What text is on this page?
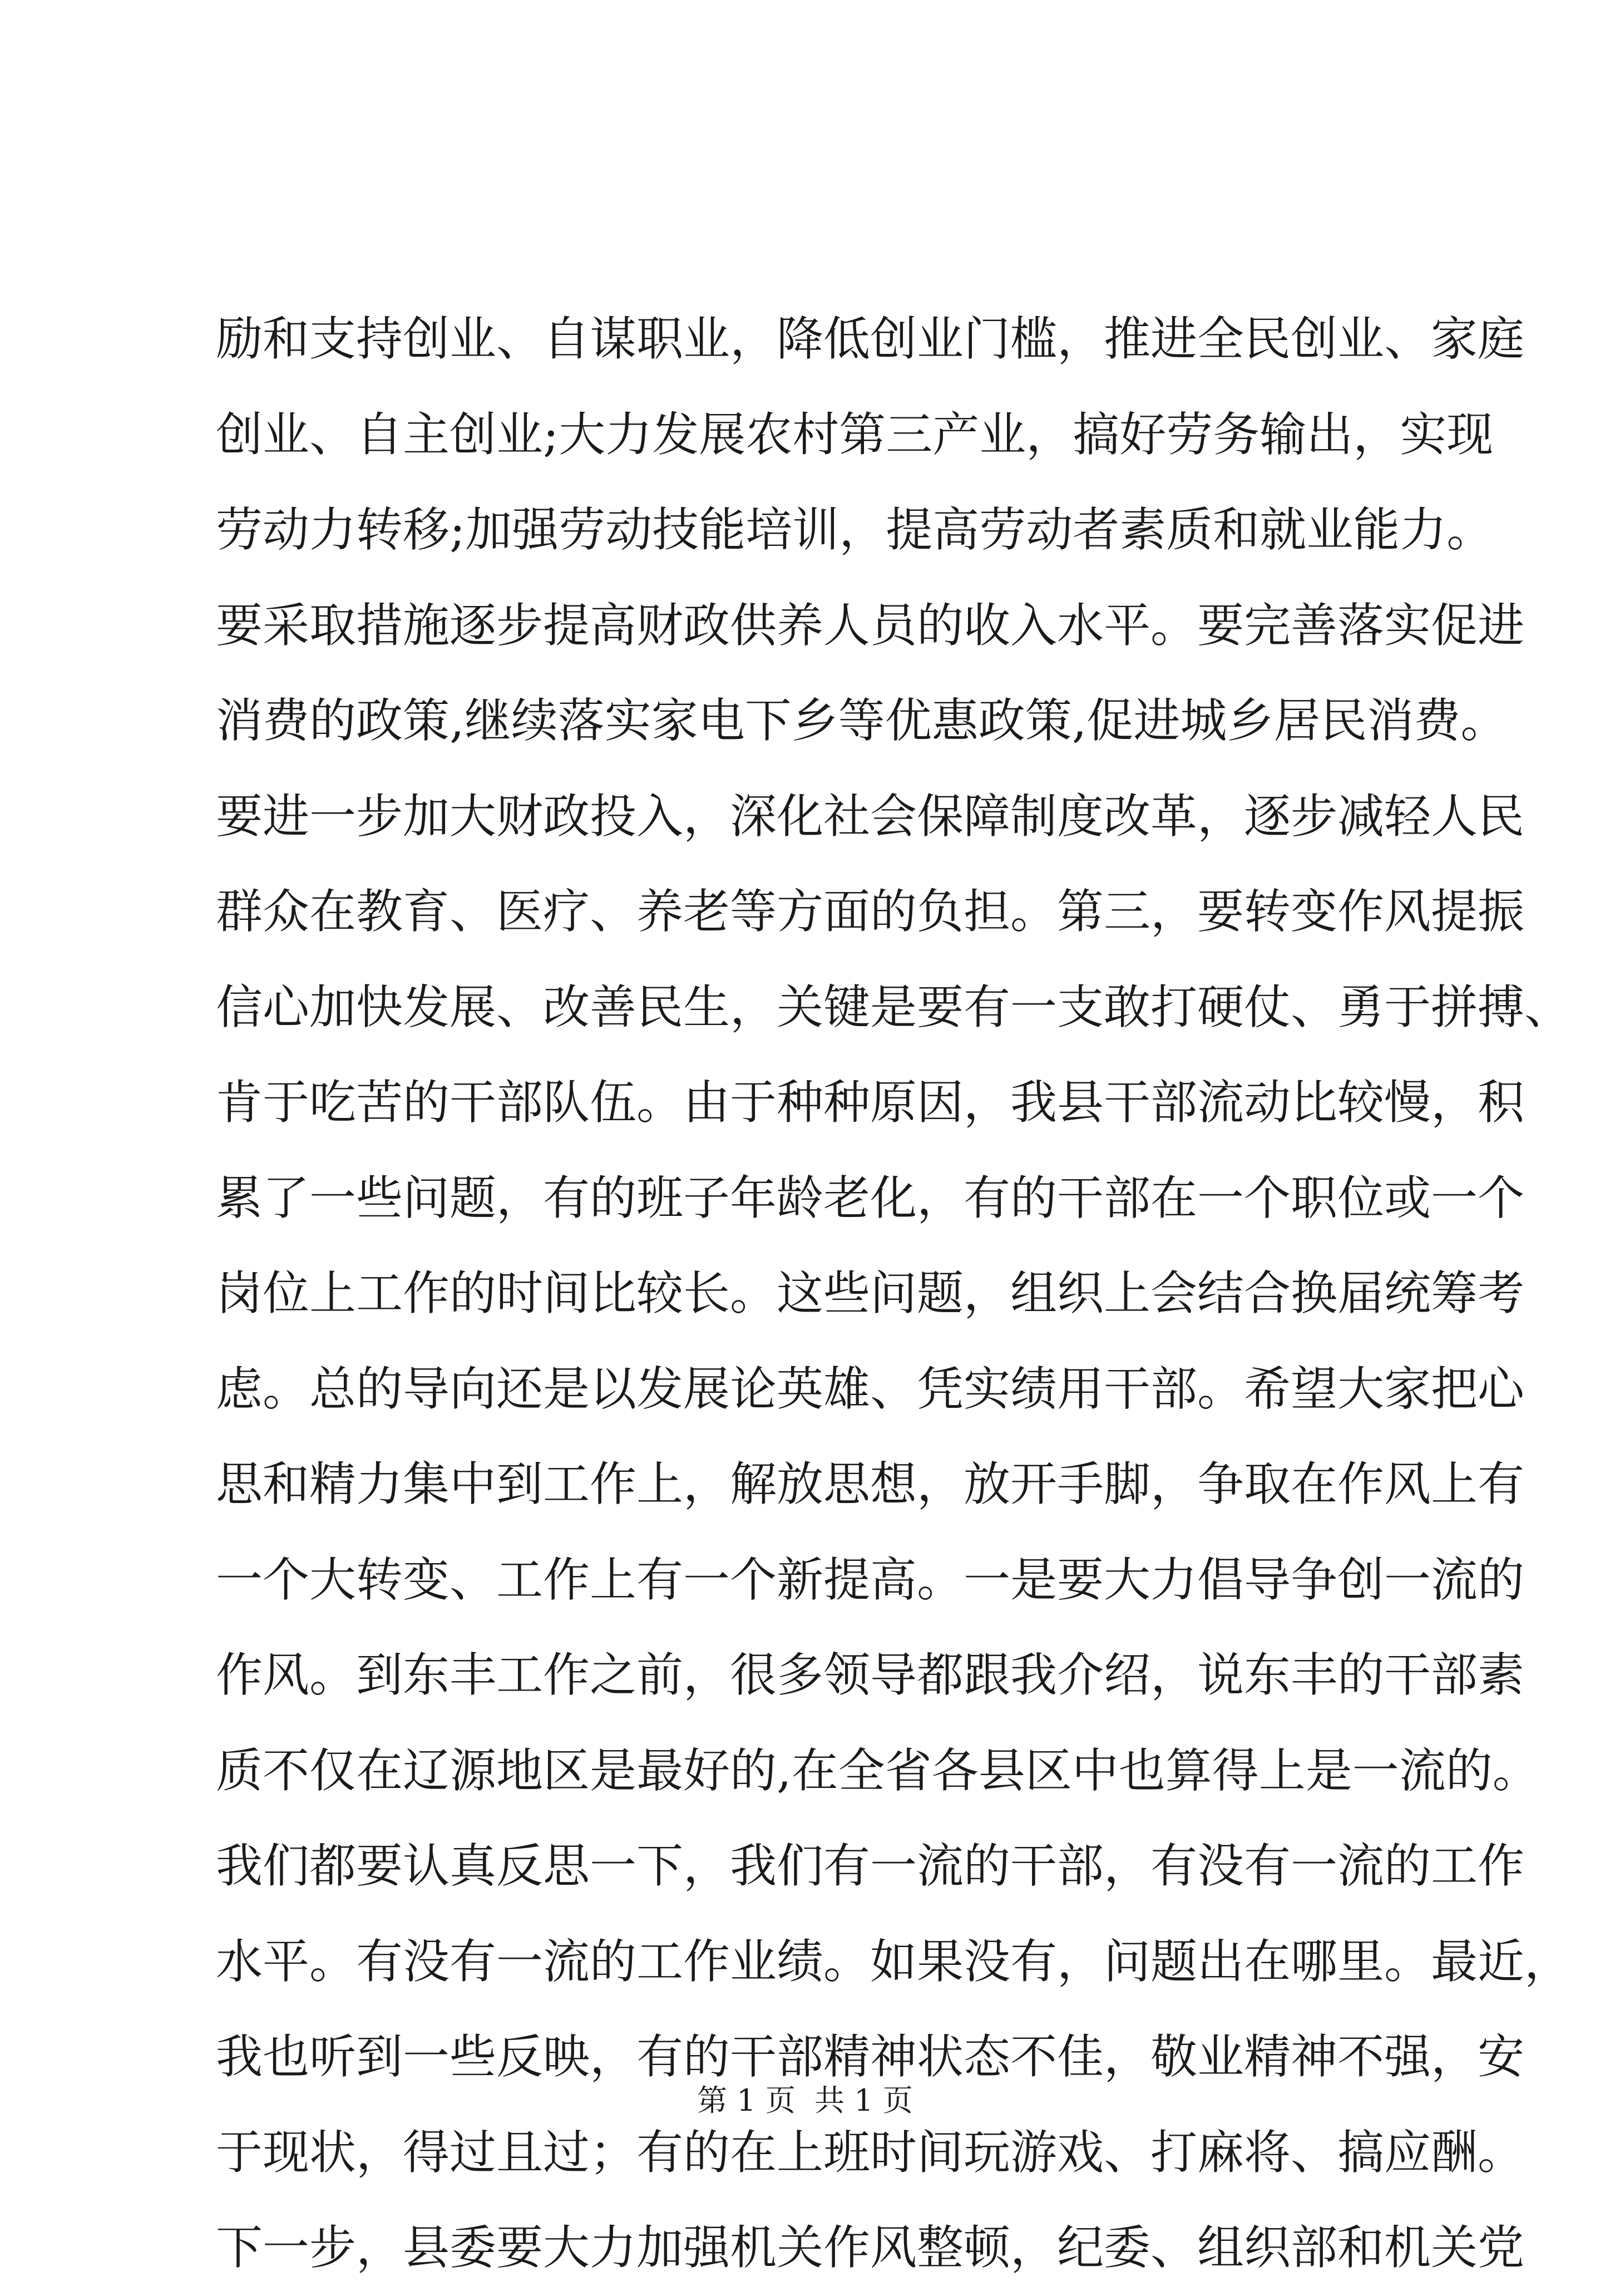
励和支持创业、自谋职业，降低创业门槛，推进全民创业、家庭
创业、自主创业;大力发展农村第三产业，搞好劳务输出，实现
劳动力转移;加强劳动技能培训，提高劳动者素质和就业能力。
要采取措施逐步提高财政供养人员的收入水平。要完善落实促进
消费的政策,继续落实家电下乡等优惠政策,促进城乡居民消费。
要进一步加大财政投入，深化社会保障制度改革，逐步减轻人民
群众在教育、医疗、养老等方面的负担。第三，要转变作风提振
信心加快发展、改善民生，关键是要有一支敢打硬仗、勇于拼搏、
肯于吃苦的干部队伍。由于种种原因，我县干部流动比较慢，积
累了一些问题，有的班子年龄老化，有的干部在一个职位或一个
岗位上工作的时间比较长。这些问题，组织上会结合换届统筹考
虑。总的导向还是以发展论英雄、凭实绩用干部。希望大家把心
思和精力集中到工作上，解放思想，放开手脚，争取在作风上有
一个大转变、工作上有一个新提高。一是要大力倡导争创一流的
作风。到东丰工作之前，很多领导都跟我介绍，说东丰的干部素
质不仅在辽源地区是最好的,在全省各县区中也算得上是一流的。
我们都要认真反思一下，我们有一流的干部，有没有一流的工作
水平。有没有一流的工作业绩。如果没有，问题出在哪里。最近，
我也听到一些反映，有的干部精神状态不佳，敬业精神不强，安
于现状，得过且过；有的在上班时间玩游戏、打麻将、搞应酬。
下一步，县委要大力加强机关作风整顿，纪委、组织部和机关党
第 1 页  共 1 页
